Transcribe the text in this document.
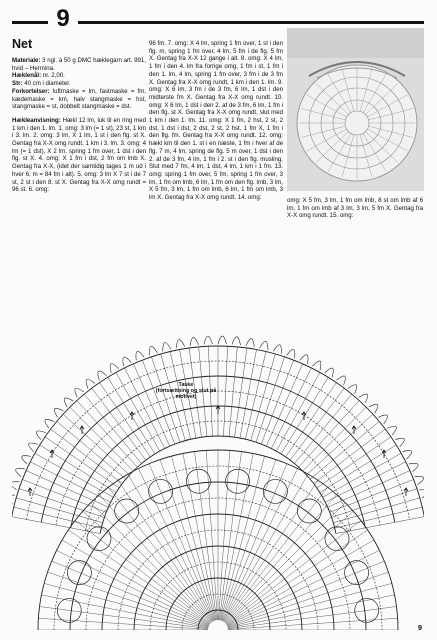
9
Net

Materiale: 3 ngl. à 50 g DMC hæklegarn art. 991, hvid – Hermina.
Hæklenål: nr. 2,00.
Str: 40 cm i diameter.
Forkortelser: luftmaske = lm, fastmaske = fm, kædemaske = km, halv stangmaske = hst, stangmaske = st, dobbelt stangmaske = dst.

Hækleanvisning: Hækl 12 lm, luk til en ring med 1 km i den 1. lm. 1. omg: 3 lm (= 1 st), 23 st, 1 km i 3. lm. 2. omg: 3 lm, X 1 lm, 1 st i den flg. st X. Gentag fra X-X omg rundt, 1 km i 3. lm. 3. omg: 4 lm (= 1 dst), X 2 lm, spring 1 fm over, 1 dst i den flg. st X. 4. omg: X 1 fm i dst, 2 fm om lmb X. Gentag fra X-X, (idet der samtidig tages 1 m ud i hver 6. m = 84 fm i alt). 5. omg: 3 lm X 7 st i de 7 st, 2 st i den 8. st X. Gentag fra X-X omg rundt = 96 st. 6. omg:

96 fm. 7. omg: X 4 lm, spring 1 fm over, 1 st i den flg. m, spring 1 fm over, 4 lm, 5 fm i de flg. 5 fm X. Gentag fra X-X 12 gange i alt. 8. omg: X 4 lm, 1 fm i den 4. lm fra forrige omg, 1 fm i st, 1 fm i den 1. lm, 4 lm, spring 1 fm over, 3 fm i de 3 fm X. Gentag fra X-X omg rundt, 1 km i den 1. lm. 9. omg: X 6 lm, 3 fm i de 3 fm, 6 lm, 1 dst i den midterste fm X. Gentag fra X-X omg rundt. 10. omg: X 6 lm, 1 dst i den 2. af de 3 fm, 6 lm, 1 fm i den flg. st X. Gentag fra X-X omg rundt, slut med 1 km i den 1. lm. 11. omg: X 1 fm, 2 hst, 2 st, 2 dst, 1 dst i dst, 2 dst, 2 st, 2 hst, 1 fm X, 1 fm i den flg. fm. Gentag fra X-X omg rundt. 12. omg: hækl km til den 1. st i en næste, 1 fm i hver af de flg. 7 m, 4 lm, spring de flg. 5 m over, 1 dst i den 2. af de 3 fm, 4 lm, 1 fm i 2. st i den flg. musling. Slut med 7 fm, 4 lm, 1 dst, 4 lm, 1 km i 1 fm. 13. omg: spring 1 fm over, 5 fm, spring 1 fm over, 3 lm, 1 fm om lmb, 6 lm, 1 fm om den flg. lmb, 3 lm, X 5 fm, 3 lm, 1 fm om lmb, 6 lm, 1 fm om lmb, 3 lm X. Gentag fra X-X omg rundt. 14. omg:	omg: X 5 fm, 3 lm, 1 fm om lmb, 8 st om lmb af 6 lm, 1 fm om lmb af 3 lm, 3 lm, 5 fm X. Gentag fra X-X omg rundt. 15. omg:

Taske
(fortsættning og slut på motivet)
9
